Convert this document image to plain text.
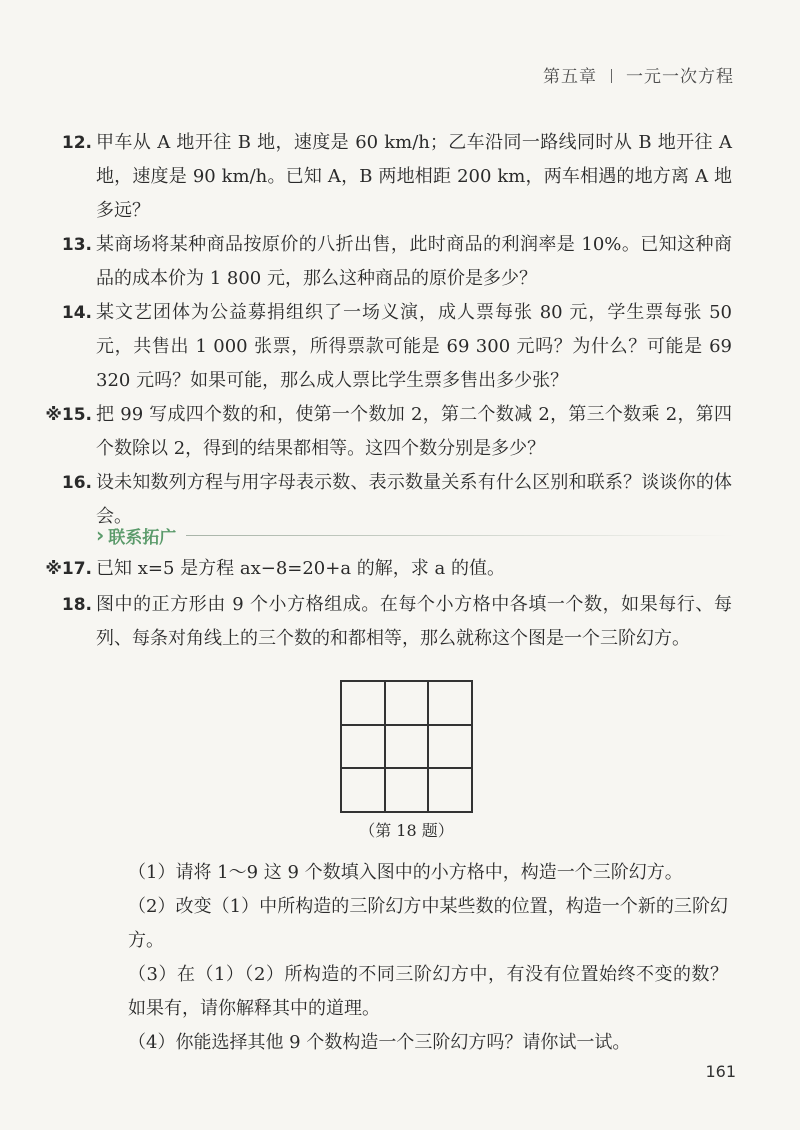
第五章 一元一次方程
12. 甲车从 A 地开往 B 地，速度是 60 km/h；乙车沿同一路线同时从 B 地开往 A 地，速度是 90 km/h。已知 A，B 两地相距 200 km，两车相遇的地方离 A 地多远？

13. 某商场将某种商品按原价的八折出售，此时商品的利润率是 10%。已知这种商品的成本价为 1 800 元，那么这种商品的原价是多少？

14. 某文艺团体为公益募捐组织了一场义演，成人票每张 80 元，学生票每张 50 元，共售出 1 000 张票，所得票款可能是 69 300 元吗？为什么？可能是 69 320 元吗？如果可能，那么成人票比学生票多售出多少张？

※15. 把 99 写成四个数的和，使第一个数加 2，第二个数减 2，第三个数乘 2，第四个数除以 2，得到的结果都相等。这四个数分别是多少？

16. 设未知数列方程与用字母表示数、表示数量关系有什么区别和联系？谈谈你的体会。

› 联系拓广
※17. 已知 x=5 是方程 ax−8=20+a 的解，求 a 的值。

18. 图中的正方形由 9 个小方格组成。在每个小方格中各填一个数，如果每行、每列、每条对角线上的三个数的和都相等，那么就称这个图是一个三阶幻方。

（第 18 题）

（1）请将 1～9 这 9 个数填入图中的小方格中，构造一个三阶幻方。

（2）改变（1）中所构造的三阶幻方中某些数的位置，构造一个新的三阶幻方。

（3）在（1）（2）所构造的不同三阶幻方中，有没有位置始终不变的数？如果有，请你解释其中的道理。

（4）你能选择其他 9 个数构造一个三阶幻方吗？请你试一试。

161
